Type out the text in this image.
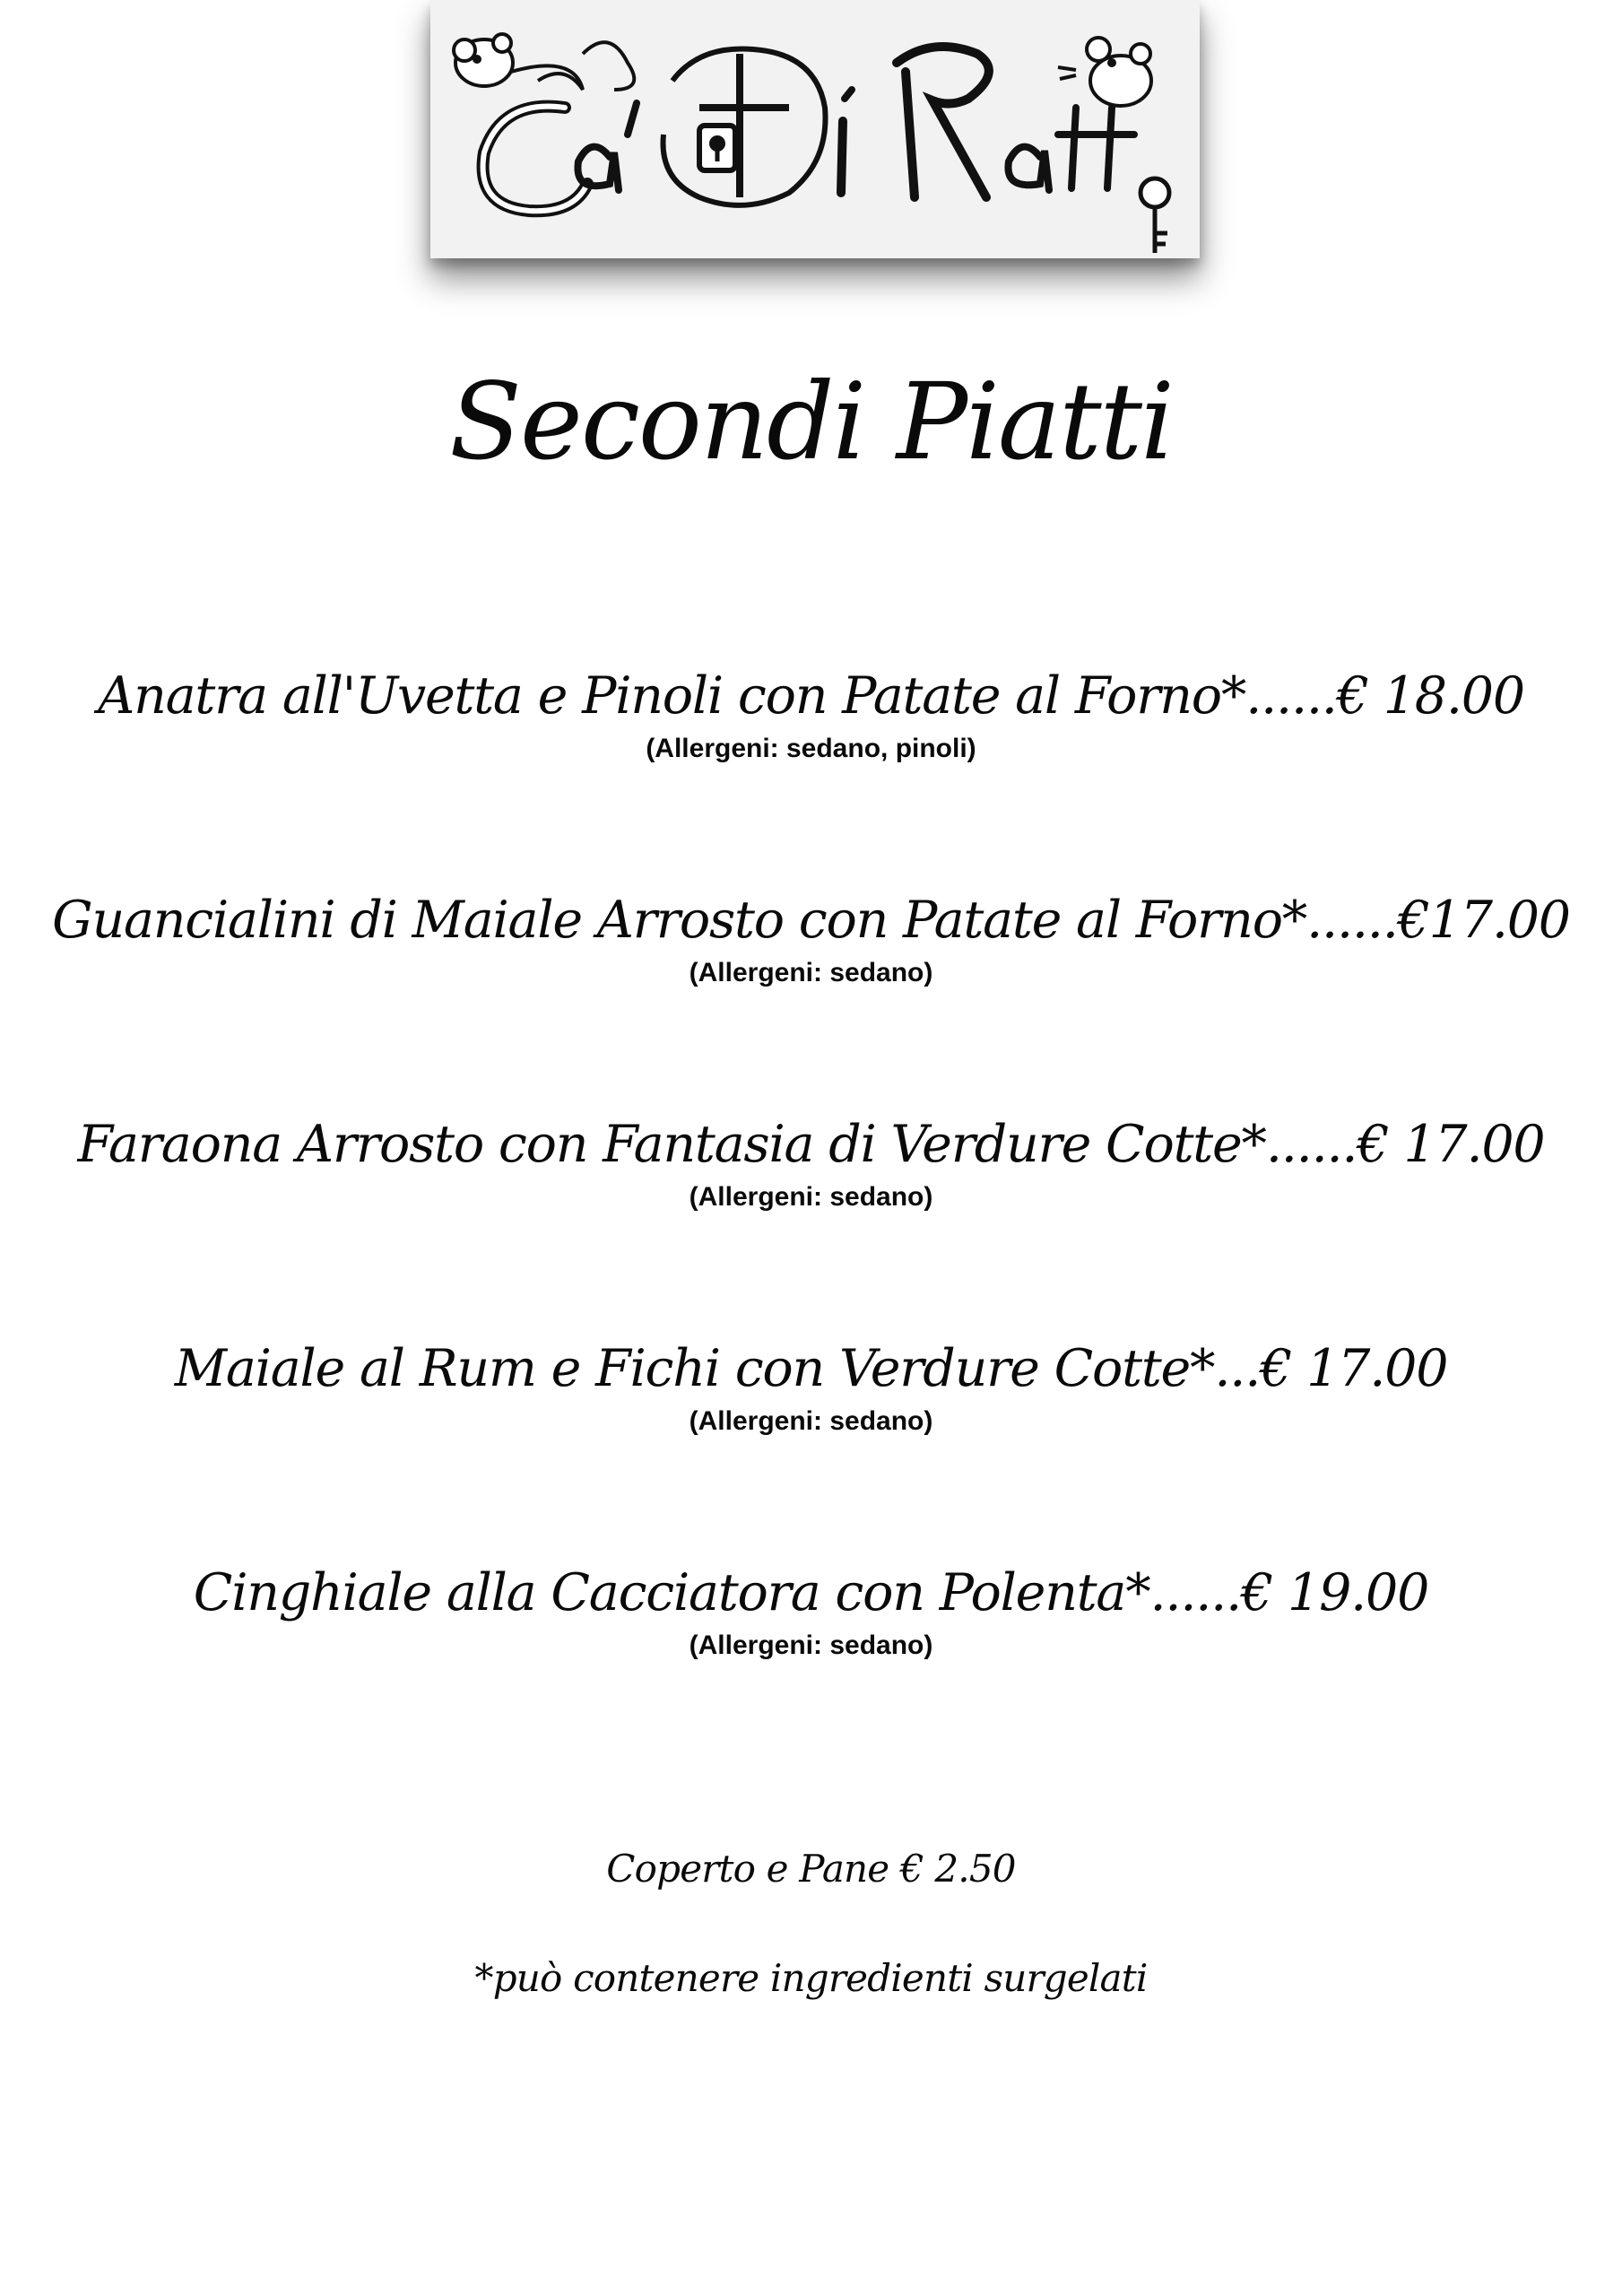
Secondi Piatti
Anatra all'Uvetta e Pinoli con Patate al Forno*......€ 18.00
(Allergeni: sedano, pinoli)
Guancialini di Maiale Arrosto con Patate al Forno*......€17.00
(Allergeni: sedano)
Faraona Arrosto con Fantasia di Verdure Cotte*......€ 17.00
(Allergeni: sedano)
Maiale al Rum e Fichi con Verdure Cotte*...€ 17.00
(Allergeni: sedano)
Cinghiale alla Cacciatora con Polenta*......€ 19.00
(Allergeni: sedano)
Coperto e Pane € 2.50
*può contenere ingredienti surgelati
